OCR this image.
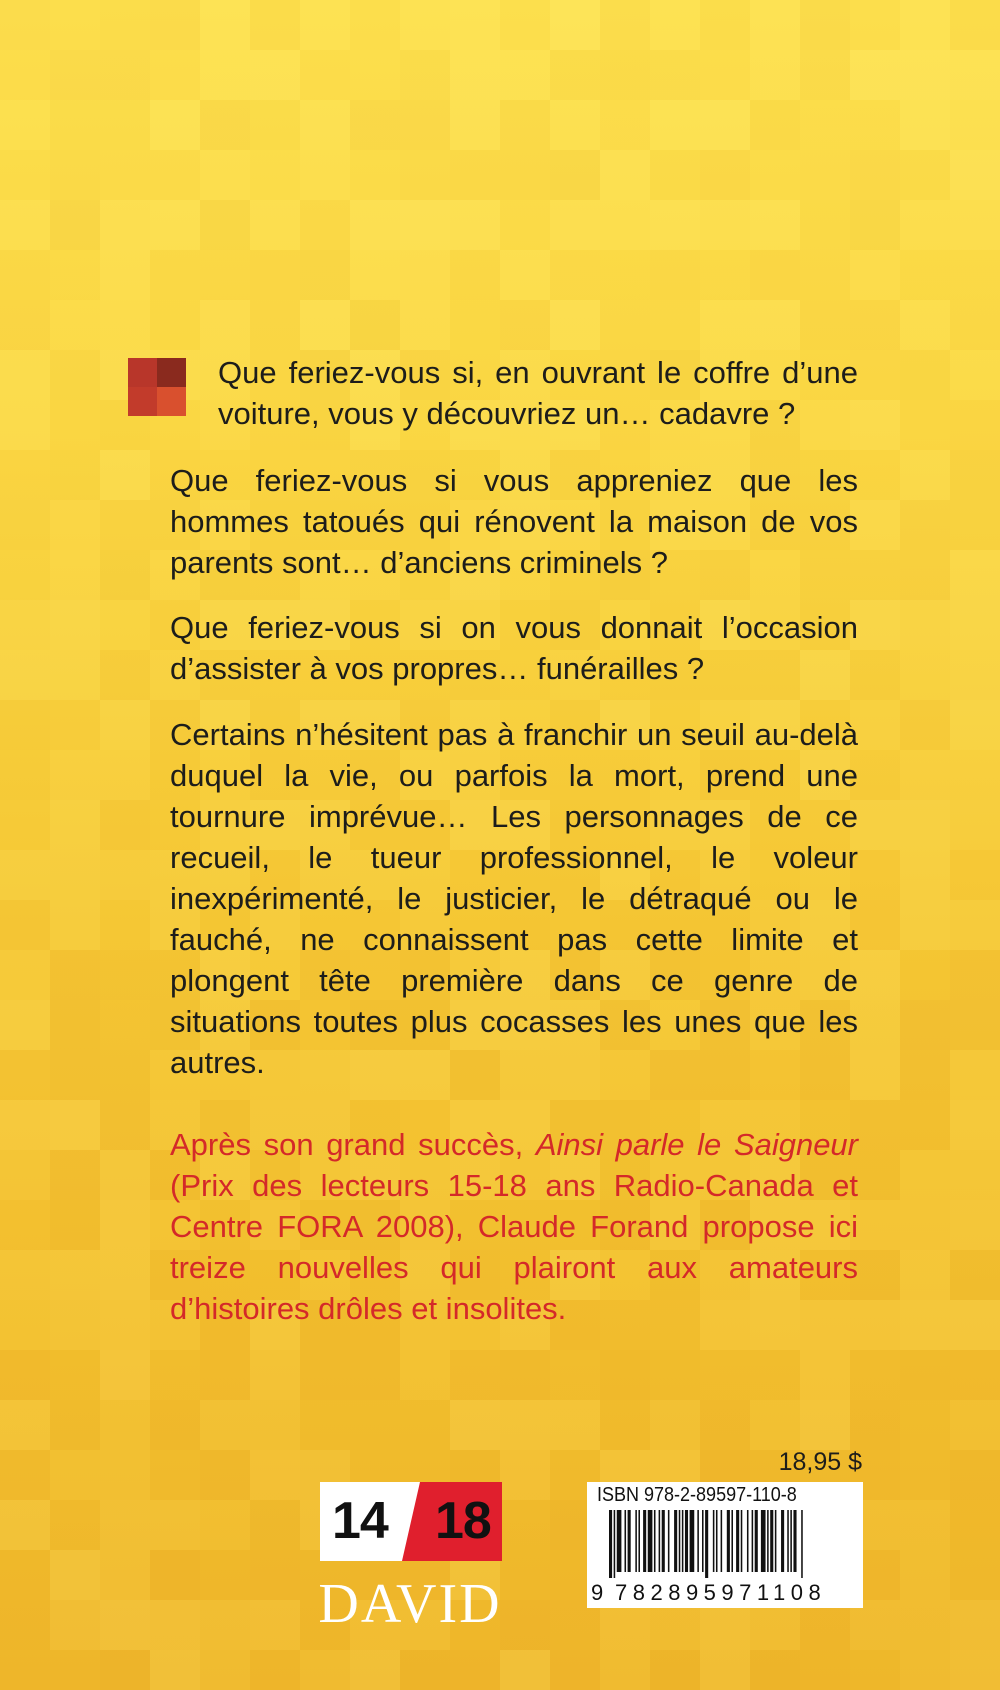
Que feriez-vous si, en ouvrant le coffre d’une voiture, vous y découvriez un… cadavre ?
Que feriez-vous si vous appreniez que les hommes tatoués qui rénovent la maison de vos parents sont… d’anciens criminels ?
Que feriez-vous si on vous donnait l’occasion d’assister à vos propres… funérailles ?
Certains n’hésitent pas à franchir un seuil au-delà duquel la vie, ou parfois la mort, prend une tournure imprévue… Les personnages de ce recueil, le tueur professionnel, le voleur inexpérimenté, le justicier, le détraqué ou le fauché, ne connaissent pas cette limite et plongent tête première dans ce genre de situations toutes plus cocasses les unes que les autres.
Après son grand succès, Ainsi parle le Saigneur (Prix des lecteurs 15-18 ans Radio-Canada et Centre FORA 2008), Claude Forand propose ici treize nouvelles qui plairont aux amateurs d’histoires drôles et insolites.
18,95 $
14 18
DAVID
ISBN 978-2-89597-110-8
9 782895971108
